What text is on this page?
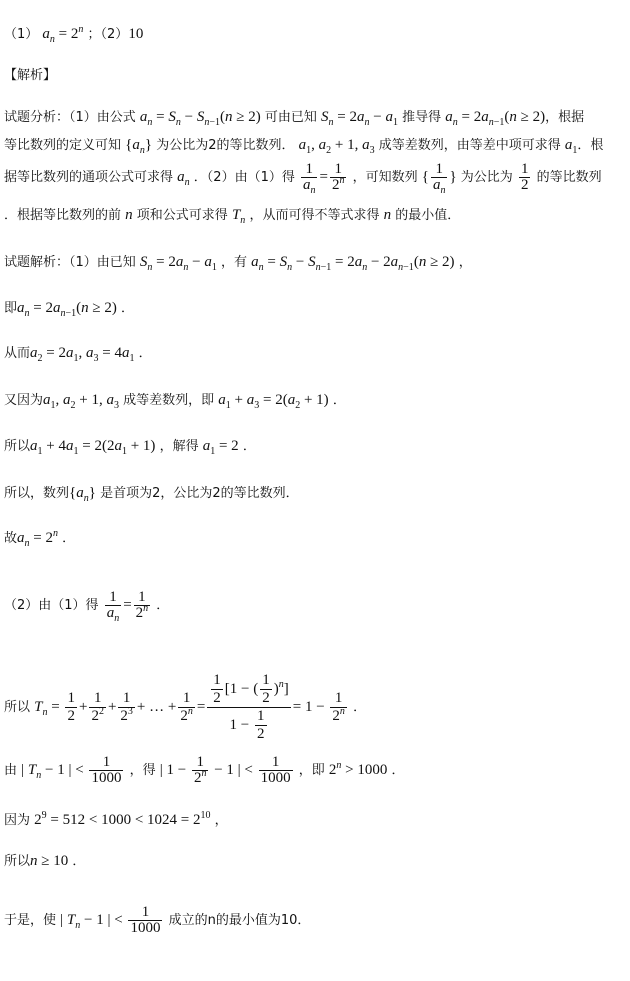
（1） $a_n = 2^n$ ；（2）10
【解析】
试题分析：（1）由公式 $a_n = S_n - S_{n-1}(n \ge 2)$ 可由已知 $S_n = 2a_n - a_1$ 推导得 $a_n = 2a_{n-1}(n \ge 2)$，根据
等比数列的定义可知 $\{a_n\}$ 为公比为2的等比数列． $a_1$, $a_2 + 1$, $a_3$ 成等差数列，由等差中项可求得 $a_1$．根
据等比数列的通项公式可求得 $a_n$ ．（2）由（1）得 $\frac{1}{a_n} = \frac{1}{2^n}$ ，可知数列 { $\frac{1}{a_n}$ } 为公比为 $\frac{1}{2}$ 的等比数列
．根据等比数列的前 n 项和公式可求得 $T_n$ ，从而可得不等式求得 n 的最小值．
试题解析：（1）由已知 $S_n = 2a_n - a_1$ ，有 $a_n = S_n - S_{n-1} = 2a_n - 2a_{n-1}(n \ge 2)$ ，
即$a_n = 2a_{n-1}(n \ge 2)$ ．
从而$a_2 = 2a_1$, $a_3 = 4a_1$ ．
又因为$a_1$, $a_2 + 1$, $a_3$ 成等差数列，即 $a_1 + a_3 = 2(a_2 + 1)$ ．
所以$a_1 + 4a_1 = 2(2a_1 + 1)$ ，解得 $a_1 = 2$ ．
所以，数列$\{a_n\}$ 是首项为2，公比为2的等比数列．
故$a_n = 2^n$ ．
（2）由（1）得 $\frac{1}{a_n} = \frac{1}{2^n}$ ．
所以 $T_n = \frac{1}{2} + \frac{1}{2^2} + \frac{1}{2^3}$ + … + $\frac{1}{2^n} = \frac{\frac{1}{2} [1 - ( \frac{1}{2} )^n]}{1 - \frac{1}{2}} = 1 - \frac{1}{2^n}$ ．
由 | $T_n - 1$ | < $\frac{1}{1000}$ ，得 | $1 - \frac{1}{2^n} - 1$ | < $\frac{1}{1000}$ ，即 $2^n > 1000$ ．
因为 $2^9 = 512 < 1000 < 1024 = 2^{10}$ ，
所以n ≥ 10 ．
于是，使 | $T_n - 1$ | < $\frac{1}{1000}$ 成立的n的最小值为10．
